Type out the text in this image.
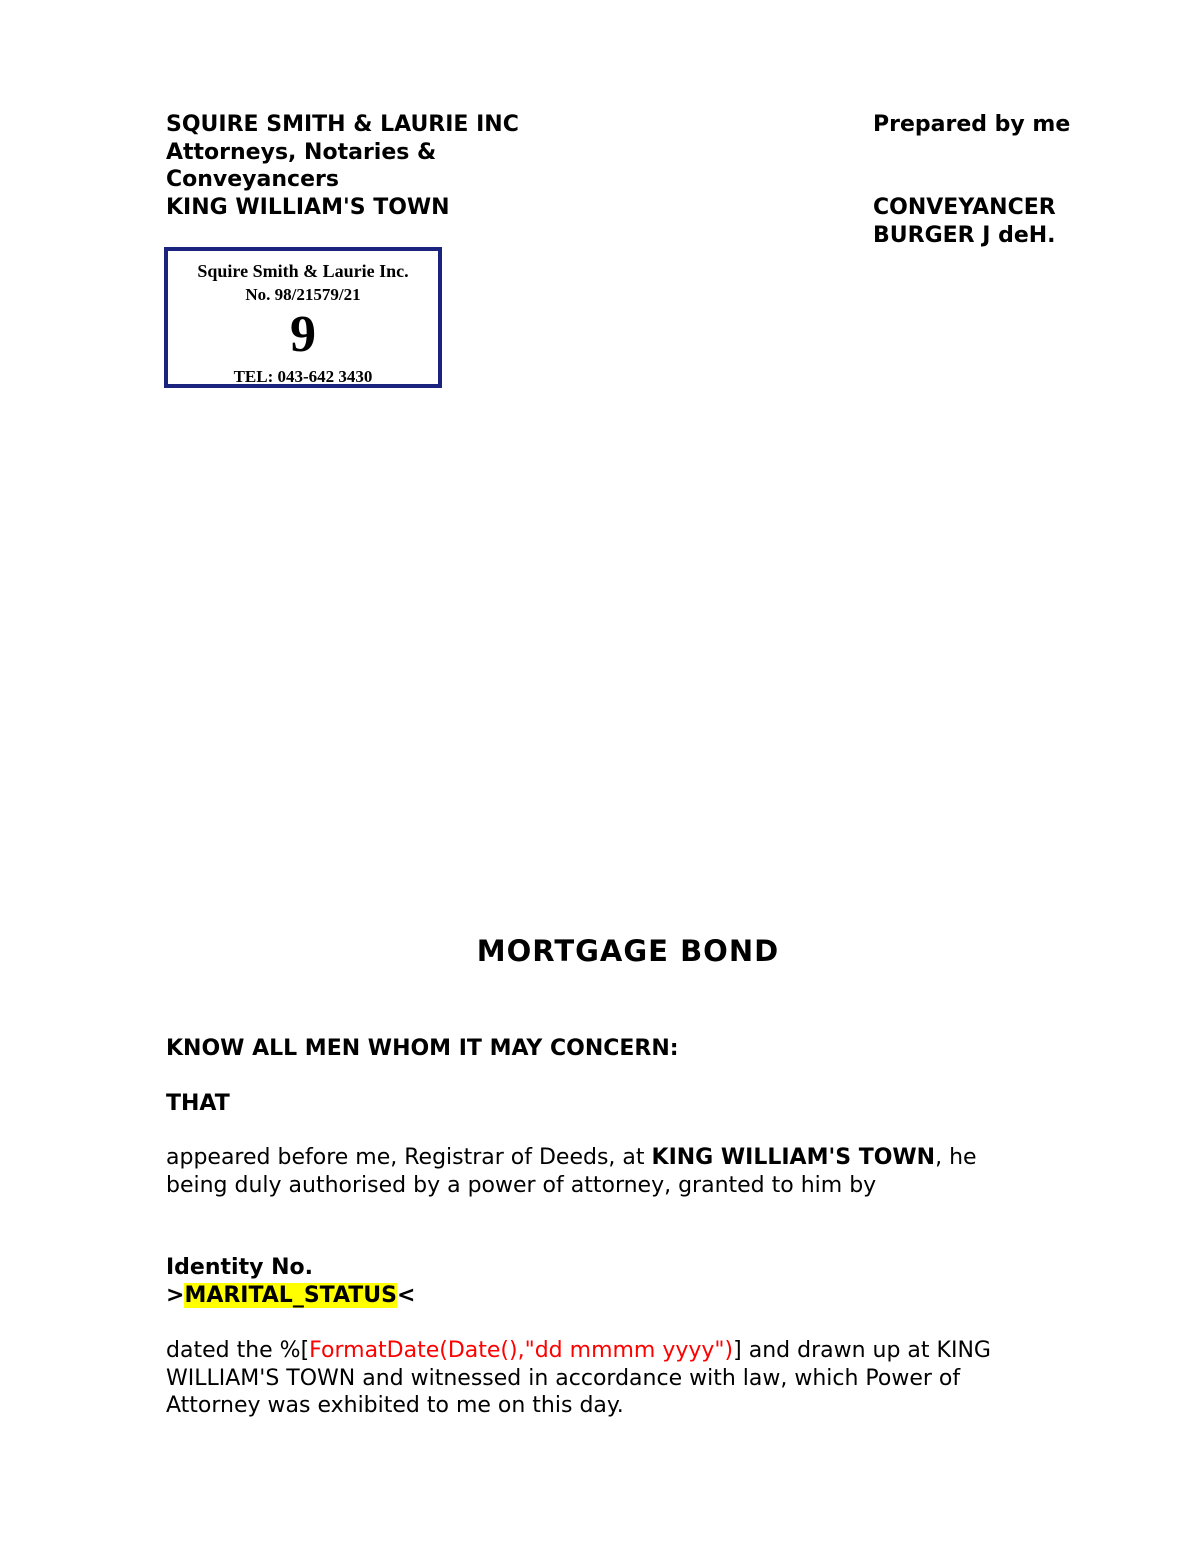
SQUIRE SMITH & LAURIE INC
Attorneys, Notaries &
Conveyancers
KING WILLIAM'S TOWN
Prepared by me
CONVEYANCER
BURGER J deH.
Squire Smith & Laurie Inc.
No. 98/21579/21
9
TEL: 043-642 3430
MORTGAGE BOND
KNOW ALL MEN WHOM IT MAY CONCERN:
THAT
appeared before me, Registrar of Deeds, at KING WILLIAM'S TOWN, he
being duly authorised by a power of attorney, granted to him by
Identity No.
>MARITAL_STATUS<
dated the %[FormatDate(Date(),"dd mmmm yyyy")] and drawn up at KING
WILLIAM'S TOWN and witnessed in accordance with law, which Power of
Attorney was exhibited to me on this day.
